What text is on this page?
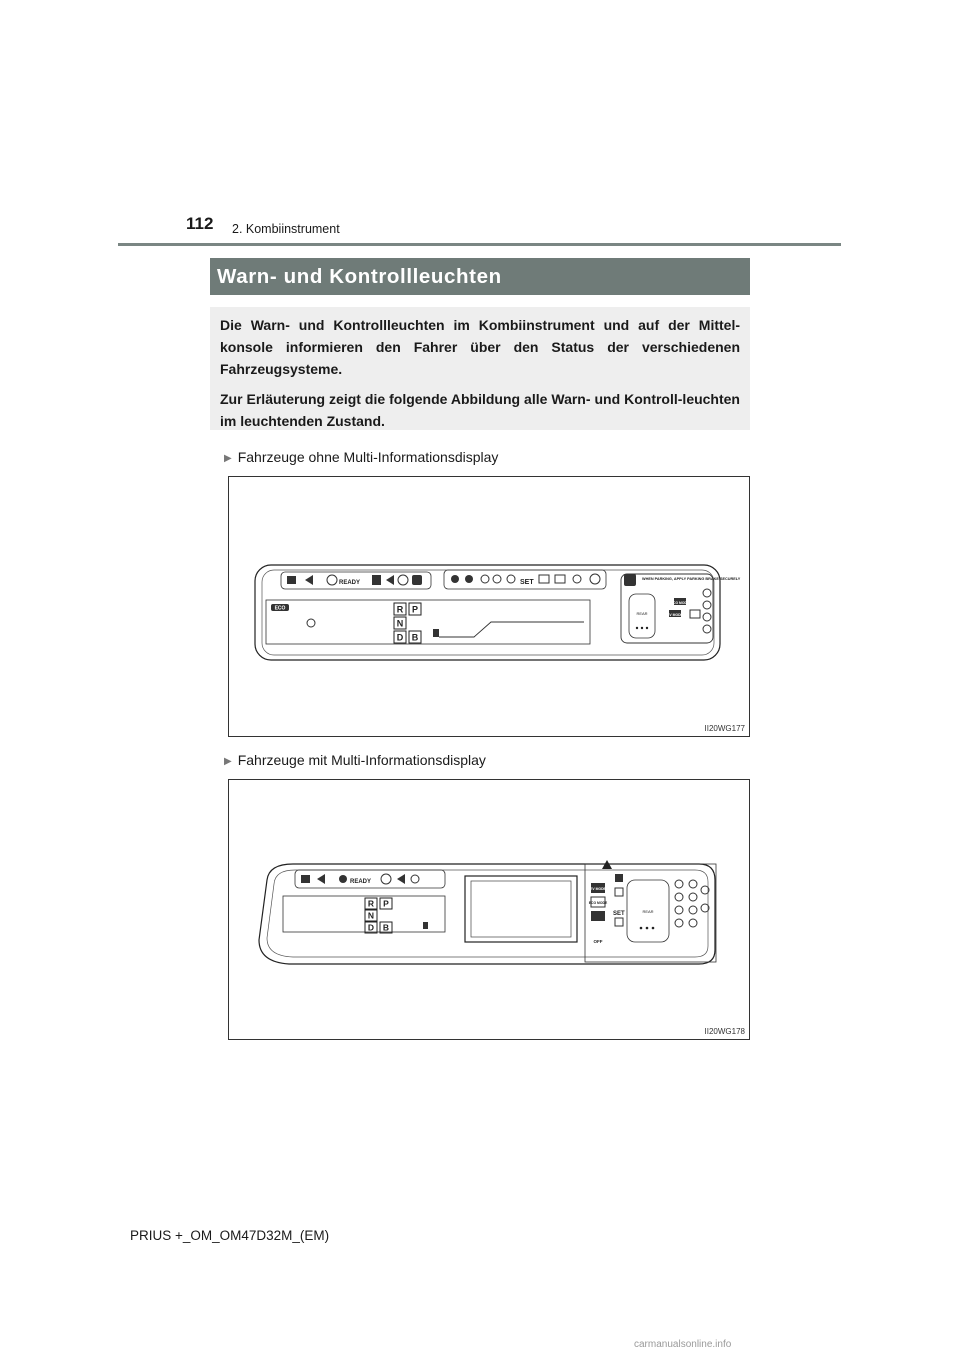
112 2. Kombiinstrument
Warn- und Kontrollleuchten

Die Warn- und Kontrollleuchten im Kombiinstrument und auf der Mittel-konsole informieren den Fahrer über den Status der verschiedenen Fahrzeugsysteme.

Zur Erläuterung zeigt die folgende Abbildung alle Warn- und Kontroll-leuchten im leuchtenden Zustand.

▶ Fahrzeuge ohne Multi-Informationsdisplay
ECO
READY	SET
R P
N
D B
REAR	EV MODE
ECO MODE
WHEN PARKING, APPLY PARKING BRAKE SECURELY
II20WG177
▶ Fahrzeuge mit Multi-Informationsdisplay
READY
SET
R P
N
D B
REAR
EV MODE
ECO MODE
OFF
II20WG178
PRIUS +_OM_OM47D32M_(EM)
carmanualsonline.info
